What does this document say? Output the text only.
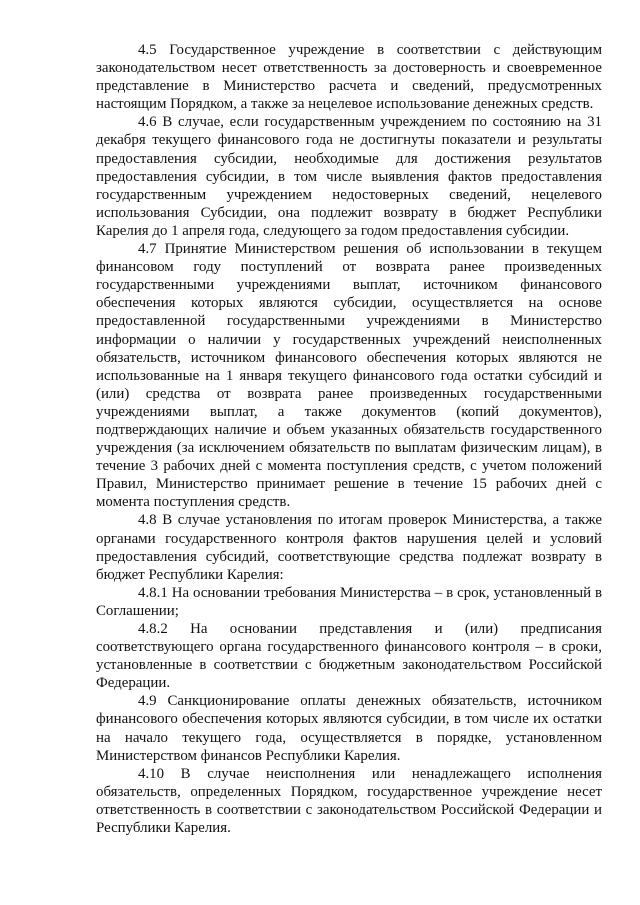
4.5 Государственное учреждение в соответствии с действующим законодательством несет ответственность за достоверность и своевременное представление в Министерство расчета и сведений, предусмотренных настоящим Порядком, а также за нецелевое использование денежных средств.

4.6 В случае, если государственным учреждением по состоянию на 31 декабря текущего финансового года не достигнуты показатели и результаты предоставления субсидии, необходимые для достижения результатов предоставления субсидии, в том числе выявления фактов предоставления государственным учреждением недостоверных сведений, нецелевого использования Субсидии, она подлежит возврату в бюджет Республики Карелия до 1 апреля года, следующего за годом предоставления субсидии.

4.7 Принятие Министерством решения об использовании в текущем финансовом году поступлений от возврата ранее произведенных государственными учреждениями выплат, источником финансового обеспечения которых являются субсидии, осуществляется на основе предоставленной государственными учреждениями в Министерство информации о наличии у государственных учреждений неисполненных обязательств, источником финансового обеспечения которых являются не использованные на 1 января текущего финансового года остатки субсидий и (или) средства от возврата ранее произведенных государственными учреждениями выплат, а также документов (копий документов), подтверждающих наличие и объем указанных обязательств государственного учреждения (за исключением обязательств по выплатам физическим лицам), в течение 3 рабочих дней с момента поступления средств, с учетом положений Правил, Министерство принимает решение в течение 15 рабочих дней с момента поступления средств.

4.8 В случае установления по итогам проверок Министерства, а также органами государственного контроля фактов нарушения целей и условий предоставления субсидий, соответствующие средства подлежат возврату в бюджет Республики Карелия:

4.8.1 На основании требования Министерства – в срок, установленный в Соглашении;

4.8.2 На основании представления и (или) предписания соответствующего органа государственного финансового контроля – в сроки, установленные в соответствии с бюджетным законодательством Российской Федерации.

4.9 Санкционирование оплаты денежных обязательств, источником финансового обеспечения которых являются субсидии, в том числе их остатки на начало текущего года, осуществляется в порядке, установленном Министерством финансов Республики Карелия.

4.10 В случае неисполнения или ненадлежащего исполнения обязательств, определенных Порядком, государственное учреждение несет ответственность в соответствии с законодательством Российской Федерации и Республики Карелия.
